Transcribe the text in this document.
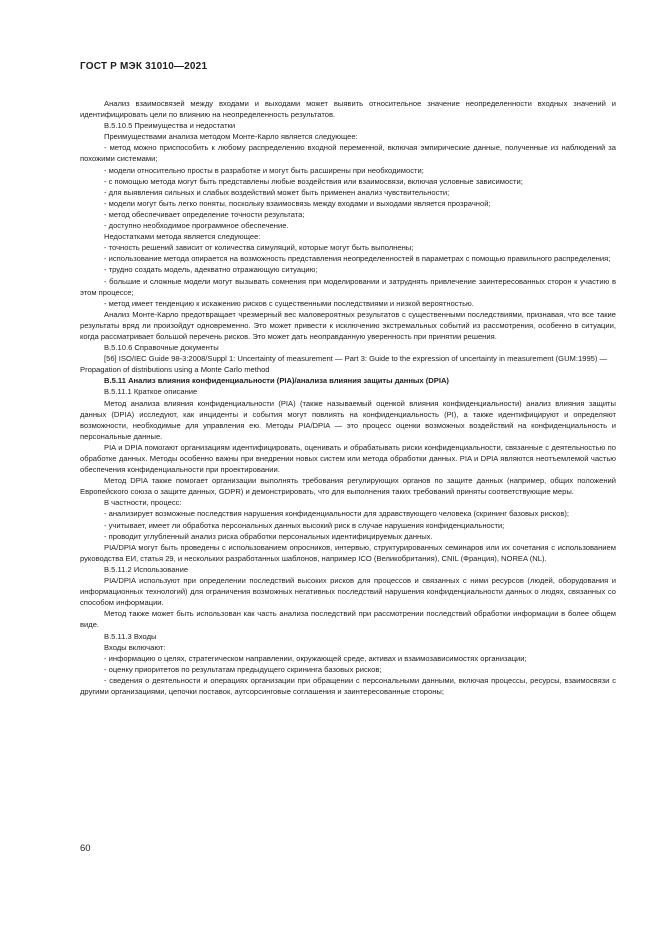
ГОСТ Р МЭК 31010—2021

Анализ взаимосвязей между входами и выходами может выявить относительное значение неопределенности входных значений и идентифицировать цели по влиянию на неопределенность результатов.

В.5.10.5 Преимущества и недостатки

Преимуществами анализа методом Монте-Карло является следующее:

- метод можно приспособить к любому распределению входной переменной, включая эмпирические данные, полученные из наблюдений за похожими системами;

- модели относительно просты в разработке и могут быть расширены при необходимости;

- с помощью метода могут быть представлены любые воздействия или взаимосвязи, включая условные зависимости;

- для выявления сильных и слабых воздействий может быть применен анализ чувствительности;

- модели могут быть легко поняты, поскольку взаимосвязь между входами и выходами является прозрачной;

- метод обеспечивает определение точности результата;

- доступно необходимое программное обеспечение.

Недостатками метода является следующее:

- точность решений зависит от количества симуляций, которые могут быть выполнены;

- использование метода опирается на возможность представления неопределенностей в параметрах с помощью правильного распределения;

- трудно создать модель, адекватно отражающую ситуацию;

- большие и сложные модели могут вызывать сомнения при моделировании и затруднять привлечение заинтересованных сторон к участию в этом процессе;

- метод имеет тенденцию к искажению рисков с существенными последствиями и низкой вероятностью.

Анализ Монте-Карло предотвращает чрезмерный вес маловероятных результатов с существенными последствиями, признавая, что все такие результаты вряд ли произойдут одновременно. Это может привести к исключению экстремальных событий из рассмотрения, особенно в ситуации, когда рассматривает большой перечень рисков. Это может дать неоправданную уверенность при принятии решения.

В.5.10.6 Справочные документы

[56] ISO/IEC Guide 98-3:2008/Suppl 1: Uncertainty of measurement — Part 3: Guide to the expression of uncertainty in measurement (GUM:1995) — Propagation of distributions using a Monte Carlo method

В.5.11 Анализ влияния конфиденциальности (PIA)/анализа влияния защиты данных (DPIA)

В.5.11.1 Краткое описание

Метод анализа влияния конфиденциальности (PIA) (также называемый оценкой влияния конфиденциальности) анализ влияния защиты данных (DPIA) исследуют, как инциденты и события могут повлиять на конфиденциальность (PI), а также идентифицируют и определяют возможности, необходимые для управления ею. Методы PIA/DPIA — это процесс оценки возможных воздействий на конфиденциальность и персональные данные.

PIA и DPIA помогают организациям идентифицировать, оценивать и обрабатывать риски конфиденциальности, связанные с деятельностью по обработке данных. Методы особенно важны при внедрении новых систем или метода обработки данных. PIA и DPIA являются неотъемлемой частью обеспечения конфиденциальности при проектировании.

Метод DPIA также помогает организации выполнять требования регулирующих органов по защите данных (например, общих положений Европейского союза о защите данных, GDPR) и демонстрировать, что для выполнения таких требований приняты соответствующие меры.

В частности, процесс:

- анализирует возможные последствия нарушения конфиденциальности для здравствующего человека (скрининг базовых рисков);

- учитывает, имеет ли обработка персональных данных высокий риск в случае нарушения конфиденциальности;

- проводит углубленный анализ риска обработки персональных идентифицируемых данных.

PIA/DPIA могут быть проведены с использованием опросников, интервью, структурированных семинаров или их сочетания с использованием руководства ЕИ, статья 29, и нескольких разработанных шаблонов, например ICO (Великобритания), CNIL (Франция), NOREA (NL).

В.5.11.2 Использование

PIA/DPIA используют при определении последствий высоких рисков для процессов и связанных с ними ресурсов (людей, оборудования и информационных технологий) для ограничения возможных негативных последствий нарушения конфиденциальности данных о людях, связанных со способом информации.

Метод также может быть использован как часть анализа последствий при рассмотрении последствий обработки информации в более общем виде.

В.5.11.3 Входы

Входы включают:

- информацию о целях, стратегическом направлении, окружающей среде, активах и взаимозависимостях организации;

- оценку приоритетов по результатам предыдущего скрининга базовых рисков;

- сведения о деятельности и операциях организации при обращении с персональными данными, включая процессы, ресурсы, взаимосвязи с другими организациями, цепочки поставок, аутсорсинговые соглашения и заинтересованные стороны;

60
